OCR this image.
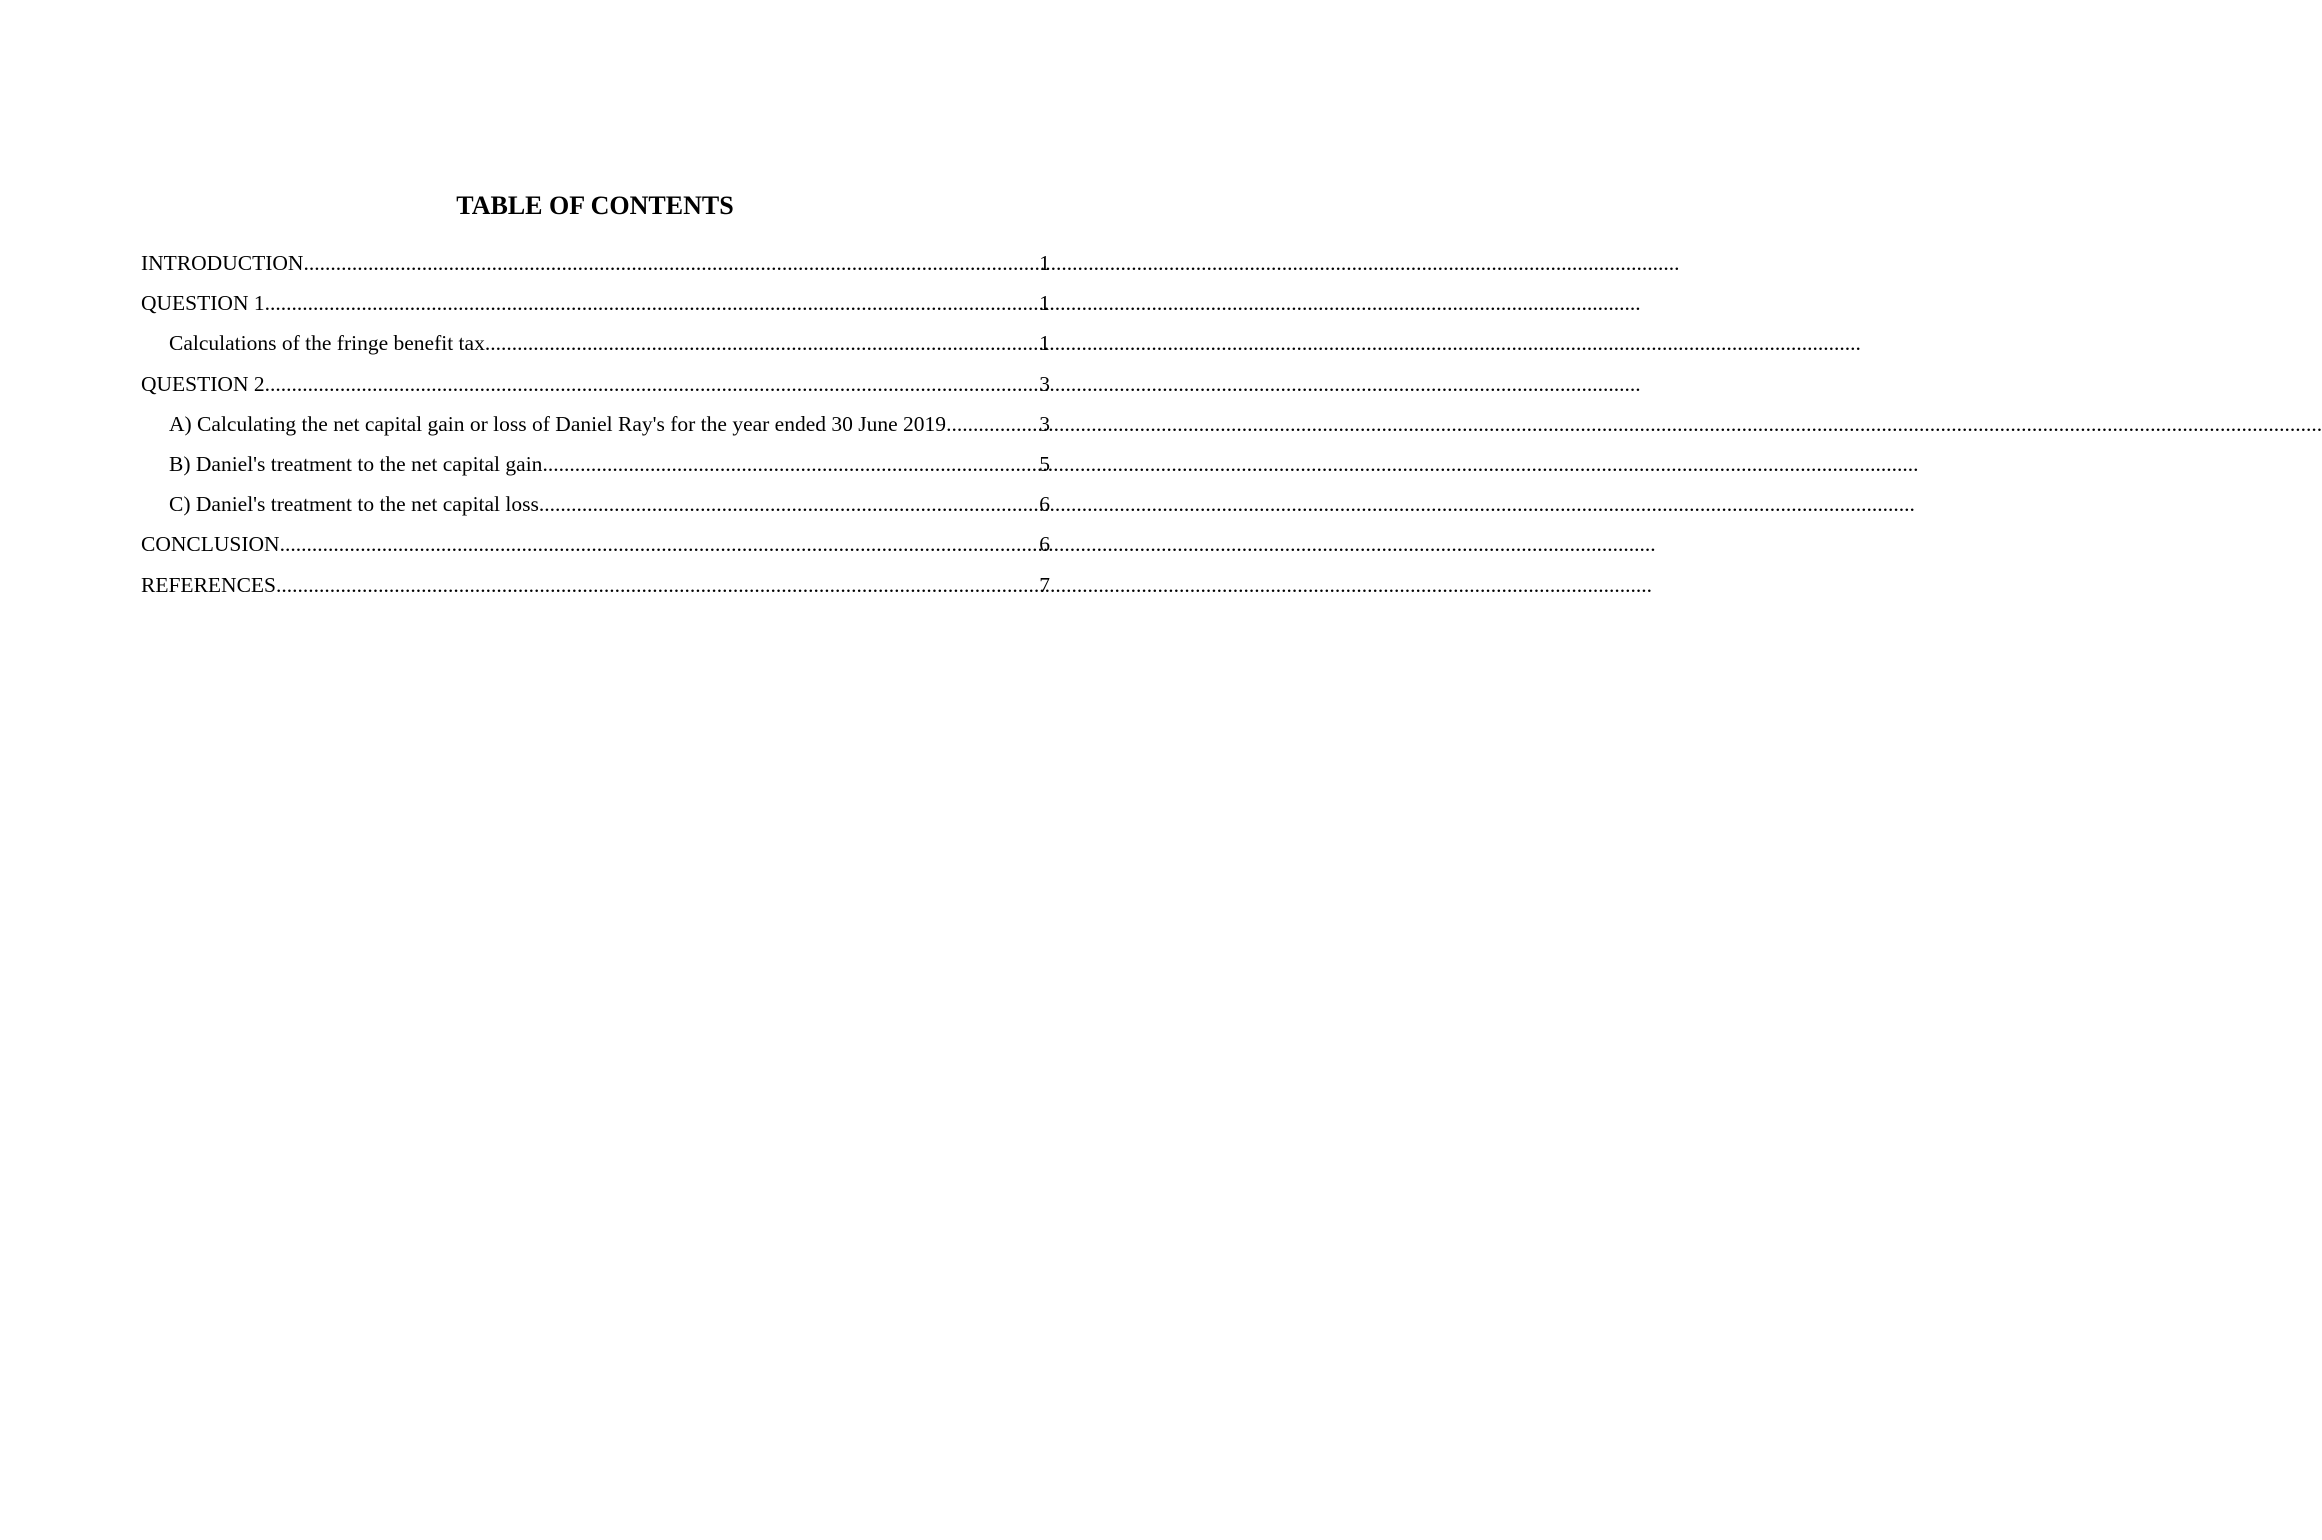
TABLE OF CONTENTS
INTRODUCTION .....	1
QUESTION 1 .....	1
Calculations of the fringe benefit tax .....	1
QUESTION 2 .....	3
A) Calculating the net capital gain or loss of Daniel Ray's for the year ended 30 June 2019 .....	3
B) Daniel's treatment to the net capital gain .....	5
C) Daniel's treatment to the net capital loss .....	6
CONCLUSION .....	6
REFERENCES .....	7
